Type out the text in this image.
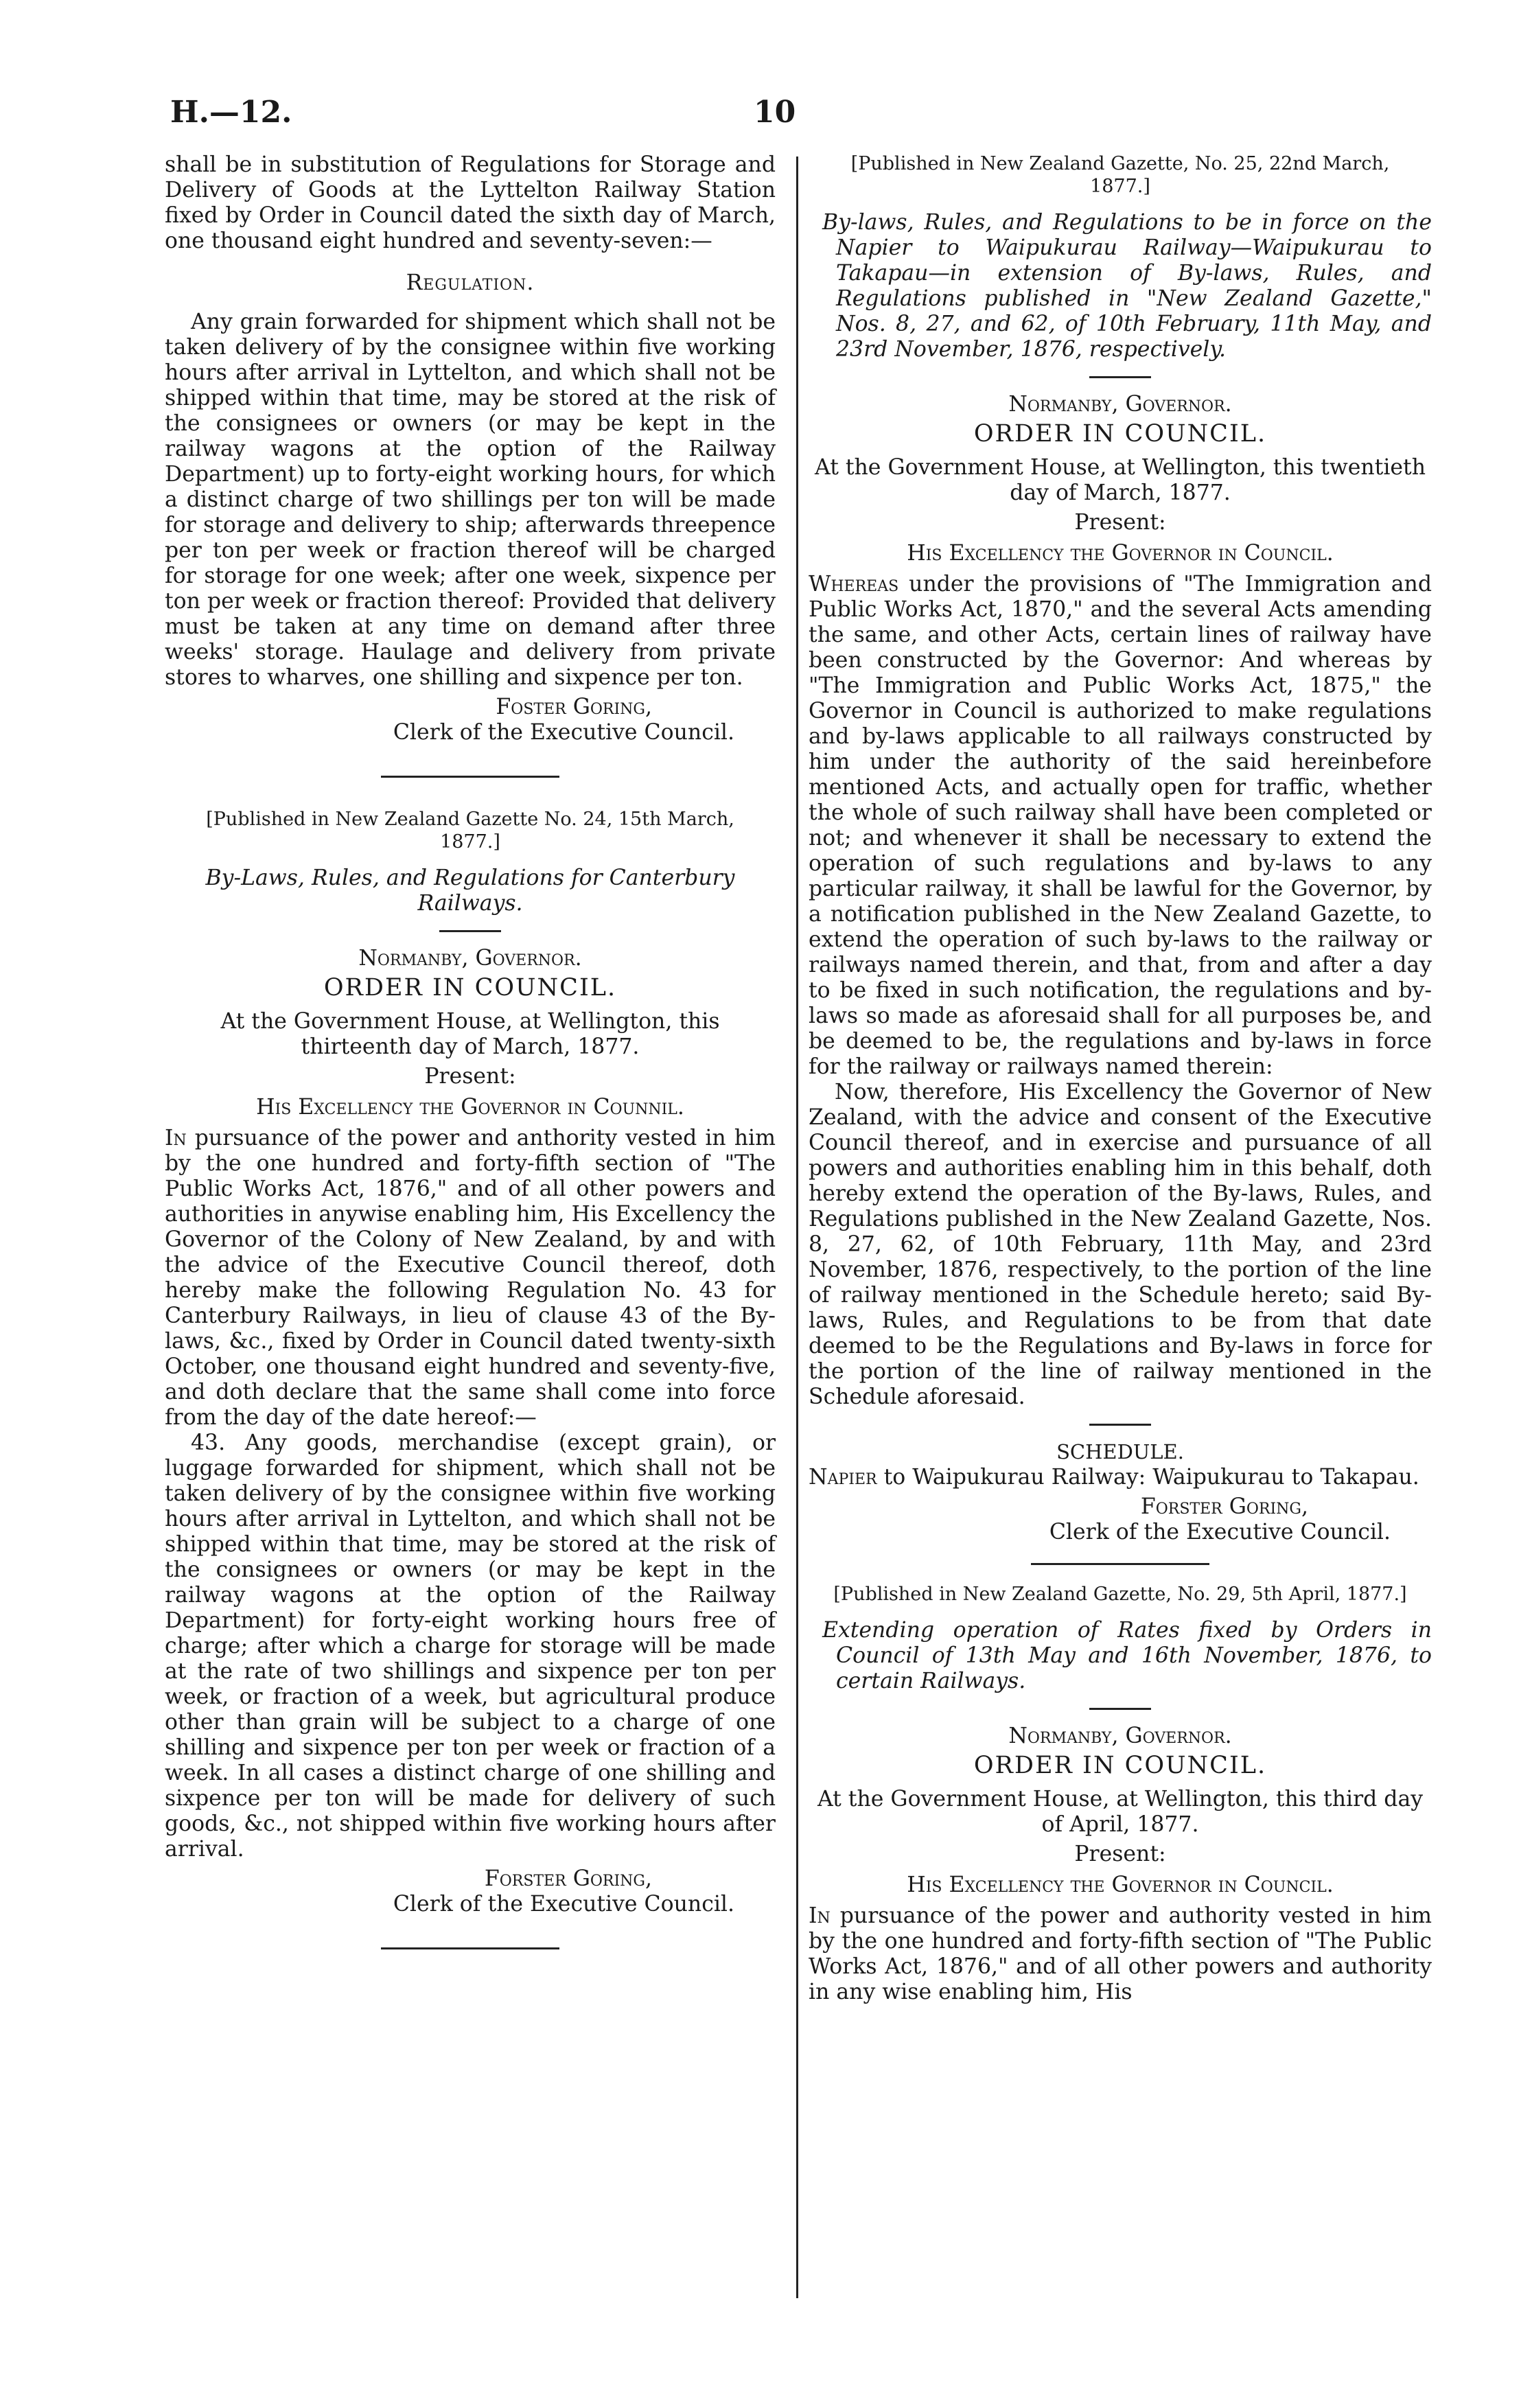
H.—12.	10

shall be in substitution of Regulations for Storage and Delivery of Goods at the Lyttelton Railway Station fixed by Order in Council dated the sixth day of March, one thousand eight hundred and seventy-seven:—

Regulation.

Any grain forwarded for shipment which shall not be taken delivery of by the consignee within five working hours after arrival in Lyttelton, and which shall not be shipped within that time, may be stored at the risk of the consignees or owners (or may be kept in the railway wagons at the option of the Railway Department) up to forty-eight working hours, for which a distinct charge of two shillings per ton will be made for storage and delivery to ship; afterwards threepence per ton per week or fraction thereof will be charged for storage for one week; after one week, sixpence per ton per week or fraction thereof: Provided that delivery must be taken at any time on demand after three weeks' storage. Haulage and delivery from private stores to wharves, one shilling and sixpence per ton.

Foster Goring,
Clerk of the Executive Council.
[Published in New Zealand Gazette No. 24, 15th March, 1877.]
By-Laws, Rules, and Regulations for Canterbury Railways.
Normanby, Governor.
ORDER IN COUNCIL.
At the Government House, at Wellington, this thirteenth day of March, 1877.
Present:
His Excellency the Governor in Counnil.

In pursuance of the power and anthority vested in him by the one hundred and forty-fifth section of "The Public Works Act, 1876," and of all other powers and authorities in anywise enabling him, His Excellency the Governor of the Colony of New Zealand, by and with the advice of the Executive Council thereof, doth hereby make the following Regulation No. 43 for Canterbury Railways, in lieu of clause 43 of the By-laws, &c., fixed by Order in Council dated twenty-sixth October, one thousand eight hundred and seventy-five, and doth declare that the same shall come into force from the day of the date hereof:—

43. Any goods, merchandise (except grain), or luggage forwarded for shipment, which shall not be taken delivery of by the consignee within five working hours after arrival in Lyttelton, and which shall not be shipped within that time, may be stored at the risk of the consignees or owners (or may be kept in the railway wagons at the option of the Railway Department) for forty-eight working hours free of charge; after which a charge for storage will be made at the rate of two shillings and sixpence per ton per week, or fraction of a week, but agricultural produce other than grain will be subject to a charge of one shilling and sixpence per ton per week or fraction of a week. In all cases a distinct charge of one shilling and sixpence per ton will be made for delivery of such goods, &c., not shipped within five working hours after arrival.

Forster Goring,
Clerk of the Executive Council.
[Published in New Zealand Gazette, No. 25, 22nd March, 1877.]
By-laws, Rules, and Regulations to be in force on the Napier to Waipukurau Railway—Waipukurau to Takapau—in extension of By-laws, Rules, and Regulations published in "New Zealand Gazette," Nos. 8, 27, and 62, of 10th February, 11th May, and 23rd November, 1876, respectively.
Normanby, Governor.
ORDER IN COUNCIL.
At the Government House, at Wellington, this twentieth day of March, 1877.
Present:
His Excellency the Governor in Council.

Whereas under the provisions of "The Immigration and Public Works Act, 1870," and the several Acts amending the same, and other Acts, certain lines of railway have been constructed by the Governor: And whereas by "The Immigration and Public Works Act, 1875," the Governor in Council is authorized to make regulations and by-laws applicable to all railways constructed by him under the authority of the said hereinbefore mentioned Acts, and actually open for traffic, whether the whole of such railway shall have been completed or not; and whenever it shall be necessary to extend the operation of such regulations and by-laws to any particular railway, it shall be lawful for the Governor, by a notification published in the New Zealand Gazette, to extend the operation of such by-laws to the railway or railways named therein, and that, from and after a day to be fixed in such notification, the regulations and by-laws so made as aforesaid shall for all purposes be, and be deemed to be, the regulations and by-laws in force for the railway or railways named therein:

Now, therefore, His Excellency the Governor of New Zealand, with the advice and consent of the Executive Council thereof, and in exercise and pursuance of all powers and authorities enabling him in this behalf, doth hereby extend the operation of the By-laws, Rules, and Regulations published in the New Zealand Gazette, Nos. 8, 27, 62, of 10th February, 11th May, and 23rd November, 1876, respectively, to the portion of the line of railway mentioned in the Schedule hereto; said By-laws, Rules, and Regulations to be from that date deemed to be the Regulations and By-laws in force for the portion of the line of railway mentioned in the Schedule aforesaid.

SCHEDULE.

Napier to Waipukurau Railway: Waipukurau to Takapau.

Forster Goring,
Clerk of the Executive Council.
[Published in New Zealand Gazette, No. 29, 5th April, 1877.]
Extending operation of Rates fixed by Orders in Council of 13th May and 16th November, 1876, to certain Railways.
Normanby, Governor.
ORDER IN COUNCIL.
At the Government House, at Wellington, this third day of April, 1877.
Present:
His Excellency the Governor in Council.

In pursuance of the power and authority vested in him by the one hundred and forty-fifth section of "The Public Works Act, 1876," and of all other powers and authority in any wise enabling him, His
